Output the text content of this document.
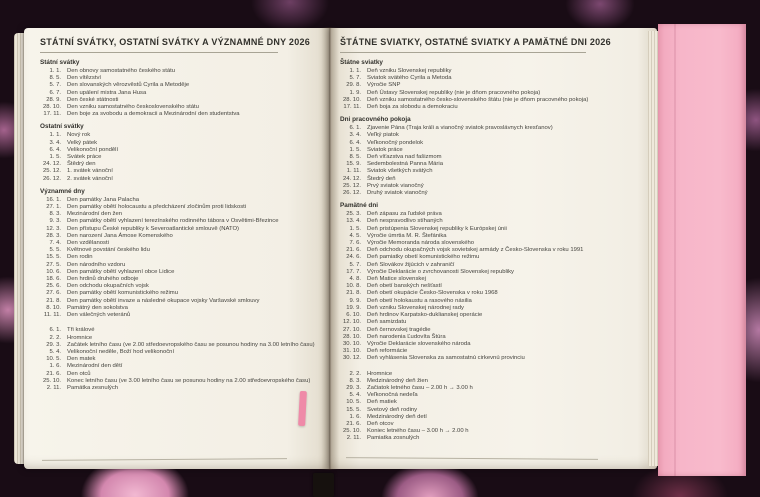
STÁTNÍ SVÁTKY, OSTATNÍ SVÁTKY A VÝZNAMNÉ DNY 2026
Státní svátky
1. 1.	Den obnovy samostatného českého státu
8. 5.	Den vítězství
5. 7.	Den slovanských věrozvěstů Cyrila a Metoděje
6. 7.	Den upálení mistra Jana Husa
28. 9.	Den české státnosti
28. 10.	Den vzniku samostatného československého státu
17. 11.	Den boje za svobodu a demokracii a Mezinárodní den studentstva
Ostatní svátky
1. 1.	Nový rok
3. 4.	Velký pátek
6. 4.	Velikonoční pondělí
1. 5.	Svátek práce
24. 12.	Štědrý den
25. 12.	1. svátek vánoční
26. 12.	2. svátek vánoční
Významné dny
16. 1.	Den památky Jana Palacha
27. 1.	Den památky obětí holocaustu a předcházení zločinům proti lidskosti
8. 3.	Mezinárodní den žen
9. 3.	Den památky obětí vyhlazení terezínského rodinného tábora v Osvětimi-Březince
12. 3.	Den přístupu České republiky k Severoatlantické smlouvě (NATO)
28. 3.	Den narození Jana Ámose Komenského
7. 4.	Den vzdělanosti
5. 5.	Květnové povstání českého lidu
15. 5.	Den rodin
27. 5.	Den národního vzdoru
10. 6.	Den památky obětí vyhlazení obce Lidice
18. 6.	Den hrdinů druhého odboje
25. 6.	Den odchodu okupačních vojsk
27. 6.	Den památky obětí komunistického režimu
21. 8.	Den památky obětí invaze a následné okupace vojsky Varšavské smlouvy
8. 10.	Památný den sokolstva
11. 11.	Den válečných veteránů
6. 1.	Tři králové
2. 2.	Hromnice
29. 3.	Začátek letního času (ve 2.00 středoevropského času se posunou hodiny na 3.00 letního času)
5. 4.	Velikonoční neděle, Boží hod velikonoční
10. 5.	Den matek
1. 6.	Mezinárodní den dětí
21. 6.	Den otců
25. 10.	Konec letního času (ve 3.00 letního času se posunou hodiny na 2.00 středoevropského času)
2. 11.	Památka zesnulých
ŠTÁTNE SVIATKY, OSTATNÉ SVIATKY A PAMÄTNÉ DNI 2026
Štátne sviatky
1. 1.	Deň vzniku Slovenskej republiky
5. 7.	Sviatok svätého Cyrila a Metoda
29. 8.	Výročie SNP
1. 9.	Deň Ústavy Slovenskej republiky (nie je dňom pracovného pokoja)
28. 10.	Deň vzniku samostatného česko-slovenského štátu (nie je dňom pracovného pokoja)
17. 11.	Deň boja za slobodu a demokraciu
Dni pracovného pokoja
6. 1.	Zjavenie Pána (Traja králi a vianočný sviatok pravoslávnych kresťanov)
3. 4.	Veľký piatok
6. 4.	Veľkonočný pondelok
1. 5.	Sviatok práce
8. 5.	Deň víťazstva nad fašizmom
15. 9.	Sedembolestná Panna Mária
1. 11.	Sviatok všetkých svätých
24. 12.	Štedrý deň
25. 12.	Prvý sviatok vianočný
26. 12.	Druhý sviatok vianočný
Pamätné dni
25. 3.	Deň zápasu za ľudské práva
13. 4.	Deň nespravodlivo stíhaných
1. 5.	Deň pristúpenia Slovenskej republiky k Európskej únii
4. 5.	Výročie úmrtia M. R. Štefánika
7. 6.	Výročie Memoranda národa slovenského
21. 6.	Deň odchodu okupačných vojsk sovietskej armády z Česko-Slovenska v roku 1991
24. 6.	Deň pamiatky obetí komunistického režimu
5. 7.	Deň Slovákov žijúcich v zahraničí
17. 7.	Výročie Deklarácie o zvrchovanosti Slovenskej republiky
4. 8.	Deň Matice slovenskej
10. 8.	Deň obetí banských nešťastí
21. 8.	Deň obetí okupácie Česko-Slovenska v roku 1968
9. 9.	Deň obetí holokaustu a rasového násilia
19. 9.	Deň vzniku Slovenskej národnej rady
6. 10.	Deň hrdinov Karpatsko-duklianskej operácie
12. 10.	Deň samizdatu
27. 10.	Deň černovskej tragédie
28. 10.	Deň narodenia Ľudovíta Štúra
30. 10.	Výročie Deklarácie slovenského národa
31. 10.	Deň reformácie
30. 12.	Deň vyhlásenia Slovenska za samostatnú cirkevnú provinciu
2. 2.	Hromnice
8. 3.	Medzinárodný deň žien
29. 3.	Začiatok letného času – 2.00 h → 3.00 h
5. 4.	Veľkonočná nedeľa
10. 5.	Deň matiek
15. 5.	Svetový deň rodiny
1. 6.	Medzinárodný deň detí
21. 6.	Deň otcov
25. 10.	Koniec letného času – 3.00 h → 2.00 h
2. 11.	Pamiatka zosnulých
